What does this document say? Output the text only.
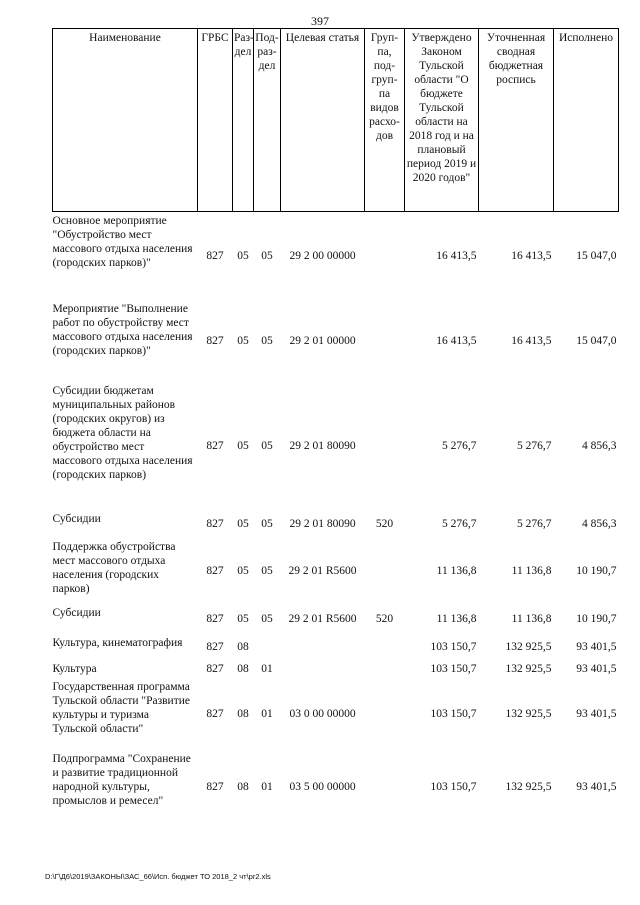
397
Наименование	ГРБС	Раз-дел	Под-раз-дел	Целевая статья	Груп-па, под-груп-па видов расхо-дов	Утверждено Законом Тульской области "О бюджете Тульской области на 2018 год и на плановый период 2019 и 2020 годов"	Уточненная сводная бюджетная роспись	Исполнено
Основное мероприятие "Обустройство мест массового отдыха населения (городских парков)"	827	05	05	29 2 00 00000		16 413,5	16 413,5	15 047,0
Мероприятие "Выполнение работ по обустройству мест массового отдыха населения (городских парков)"	827	05	05	29 2 01 00000		16 413,5	16 413,5	15 047,0
Субсидии бюджетам муниципальных районов (городских округов) из бюджета области на обустройство мест массового отдыха населения (городских парков)	827	05	05	29 2 01 80090		5 276,7	5 276,7	4 856,3
Субсидии	827	05	05	29 2 01 80090	520	5 276,7	5 276,7	4 856,3
Поддержка обустройства мест массового отдыха населения (городских парков)	827	05	05	29 2 01 R5600		11 136,8	11 136,8	10 190,7
Субсидии	827	05	05	29 2 01 R5600	520	11 136,8	11 136,8	10 190,7
Культура, кинематография	827	08				103 150,7	132 925,5	93 401,5
Культура	827	08	01			103 150,7	132 925,5	93 401,5
Государственная программа Тульской области "Развитие культуры и туризма Тульской области"	827	08	01	03 0 00 00000		103 150,7	132 925,5	93 401,5
Подпрограмма "Сохранение и развитие традиционной народной культуры, промыслов и ремесел"	827	08	01	03 5 00 00000		103 150,7	132 925,5	93 401,5
D:\Г\Д6\2019\ЗАКОНЫ\ЗАС_66\Исп. бюджет ТО 2018_2 чт\pr2.xls
